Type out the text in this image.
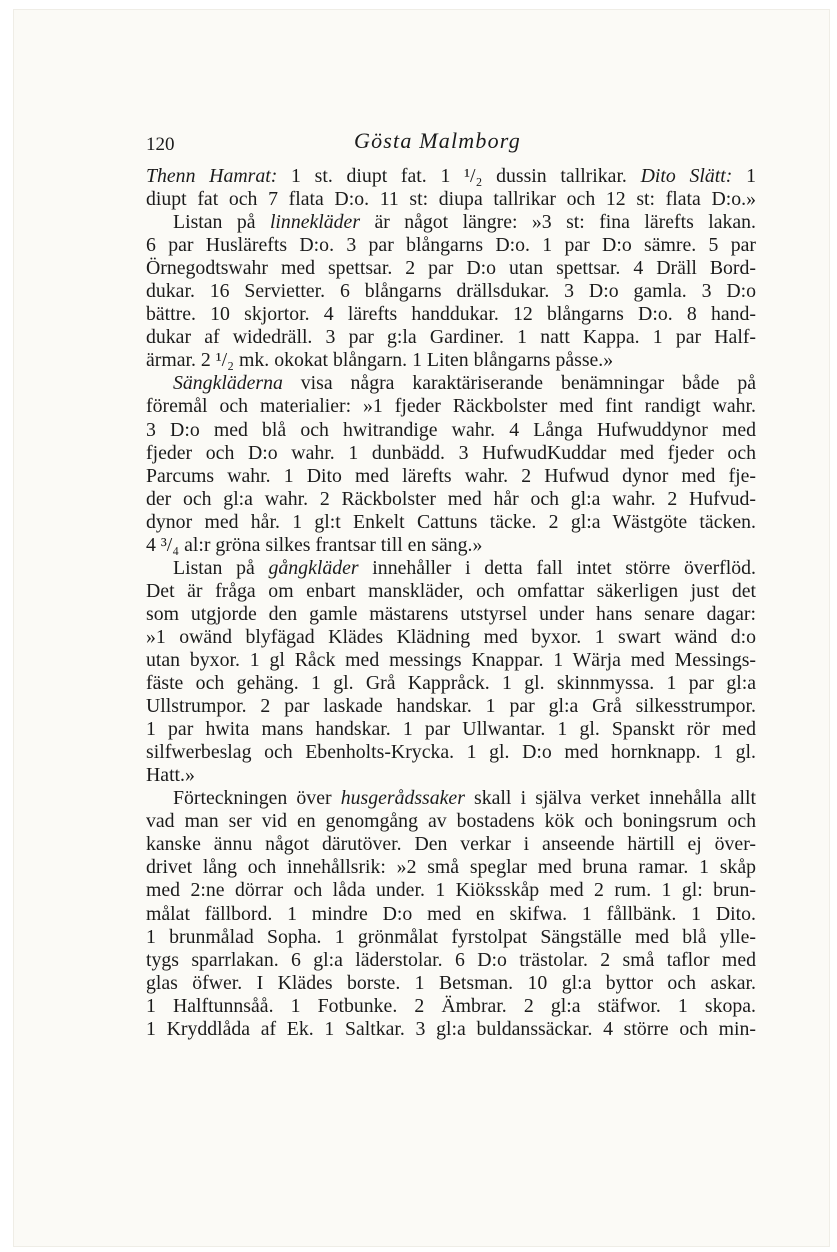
120	Gösta Malmborg
Thenn Hamrat: 1 st. diupt fat. 1 ¹/₂ dussin tallrikar. Dito Slätt: 1
diupt fat och 7 flata D:o. 11 st: diupa tallrikar och 12 st: flata D:o.»
Listan på linnekläder är något längre: »3 st: fina lärefts lakan.
6 par Huslärefts D:o. 3 par blångarns D:o. 1 par D:o sämre. 5 par
Örnegodtswahr med spettsar. 2 par D:o utan spettsar. 4 Dräll Bord-
dukar. 16 Servietter. 6 blångarns drällsdukar. 3 D:o gamla. 3 D:o
bättre. 10 skjortor. 4 lärefts handdukar. 12 blångarns D:o. 8 hand-
dukar af widedräll. 3 par g:la Gardiner. 1 natt Kappa. 1 par Half-
ärmar. 2 ¹/₂ mk. okokat blångarn. 1 Liten blångarns påsse.»
Sängkläderna visa några karaktäriserande benämningar både på
föremål och materialier: »1 fjeder Räckbolster med fint randigt wahr.
3 D:o med blå och hwitrandige wahr. 4 Långa Hufwuddynor med
fjeder och D:o wahr. 1 dunbädd. 3 HufwudKuddar med fjeder och
Parcums wahr. 1 Dito med lärefts wahr. 2 Hufwud dynor med fje-
der och gl:a wahr. 2 Räckbolster med hår och gl:a wahr. 2 Hufvud-
dynor med hår. 1 gl:t Enkelt Cattuns täcke. 2 gl:a Wästgöte täcken.
4 ³/₄ al:r gröna silkes frantsar till en säng.»
Listan på gångkläder innehåller i detta fall intet större överflöd.
Det är fråga om enbart manskläder, och omfattar säkerligen just det
som utgjorde den gamle mästarens utstyrsel under hans senare dagar:
»1 owänd blyfägad Klädes Klädning med byxor. 1 swart wänd d:o
utan byxor. 1 gl Råck med messings Knappar. 1 Wärja med Messings-
fäste och gehäng. 1 gl. Grå Kappråck. 1 gl. skinnmyssa. 1 par gl:a
Ullstrumpor. 2 par laskade handskar. 1 par gl:a Grå silkesstrumpor.
1 par hwita mans handskar. 1 par Ullwantar. 1 gl. Spanskt rör med
silfwerbeslag och Ebenholts-Krycka. 1 gl. D:o med hornknapp. 1 gl.
Hatt.»
Förteckningen över husgerådssaker skall i själva verket innehålla allt
vad man ser vid en genomgång av bostadens kök och boningsrum och
kanske ännu något därutöver. Den verkar i anseende härtill ej över-
drivet lång och innehållsrik: »2 små speglar med bruna ramar. 1 skåp
med 2:ne dörrar och låda under. 1 Kiöksskåp med 2 rum. 1 gl: brun-
målat fällbord. 1 mindre D:o med en skifwa. 1 fållbänk. 1 Dito.
1 brunmålad Sopha. 1 grönmålat fyrstolpat Sängställe med blå ylle-
tygs sparrlakan. 6 gl:a läderstolar. 6 D:o trästolar. 2 små taflor med
glas öfwer. I Klädes borste. 1 Betsman. 10 gl:a byttor och askar.
1 Halftunnsåå. 1 Fotbunke. 2 Ämbrar. 2 gl:a stäfwor. 1 skopa.
1 Kryddlåda af Ek. 1 Saltkar. 3 gl:a buldanssäckar. 4 större och min-
